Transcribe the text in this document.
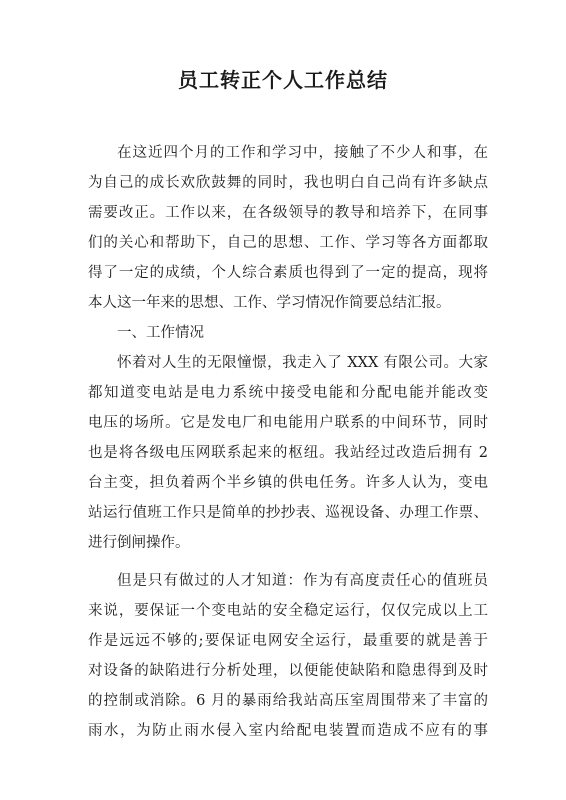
员工转正个人工作总结
在这近四个月的工作和学习中，接触了不少人和事，在
为自己的成长欢欣鼓舞的同时，我也明白自己尚有许多缺点
需要改正。工作以来，在各级领导的教导和培养下，在同事
们的关心和帮助下，自己的思想、工作、学习等各方面都取
得了一定的成绩，个人综合素质也得到了一定的提高，现将
本人这一年来的思想、工作、学习情况作简要总结汇报。
一、工作情况
怀着对人生的无限憧憬，我走入了 XXX 有限公司。大家
都知道变电站是电力系统中接受电能和分配电能并能改变
电压的场所。它是发电厂和电能用户联系的中间环节，同时
也是将各级电压网联系起来的枢纽。我站经过改造后拥有 2
台主变，担负着两个半乡镇的供电任务。许多人认为，变电
站运行值班工作只是简单的抄抄表、巡视设备、办理工作票、
进行倒闸操作。
但是只有做过的人才知道：作为有高度责任心的值班员
来说，要保证一个变电站的安全稳定运行，仅仅完成以上工
作是远远不够的;要保证电网安全运行，最重要的就是善于
对设备的缺陷进行分析处理，以便能使缺陷和隐患得到及时
的控制或消除。6 月的暴雨给我站高压室周围带来了丰富的
雨水，为防止雨水侵入室内给配电装置而造成不应有的事
